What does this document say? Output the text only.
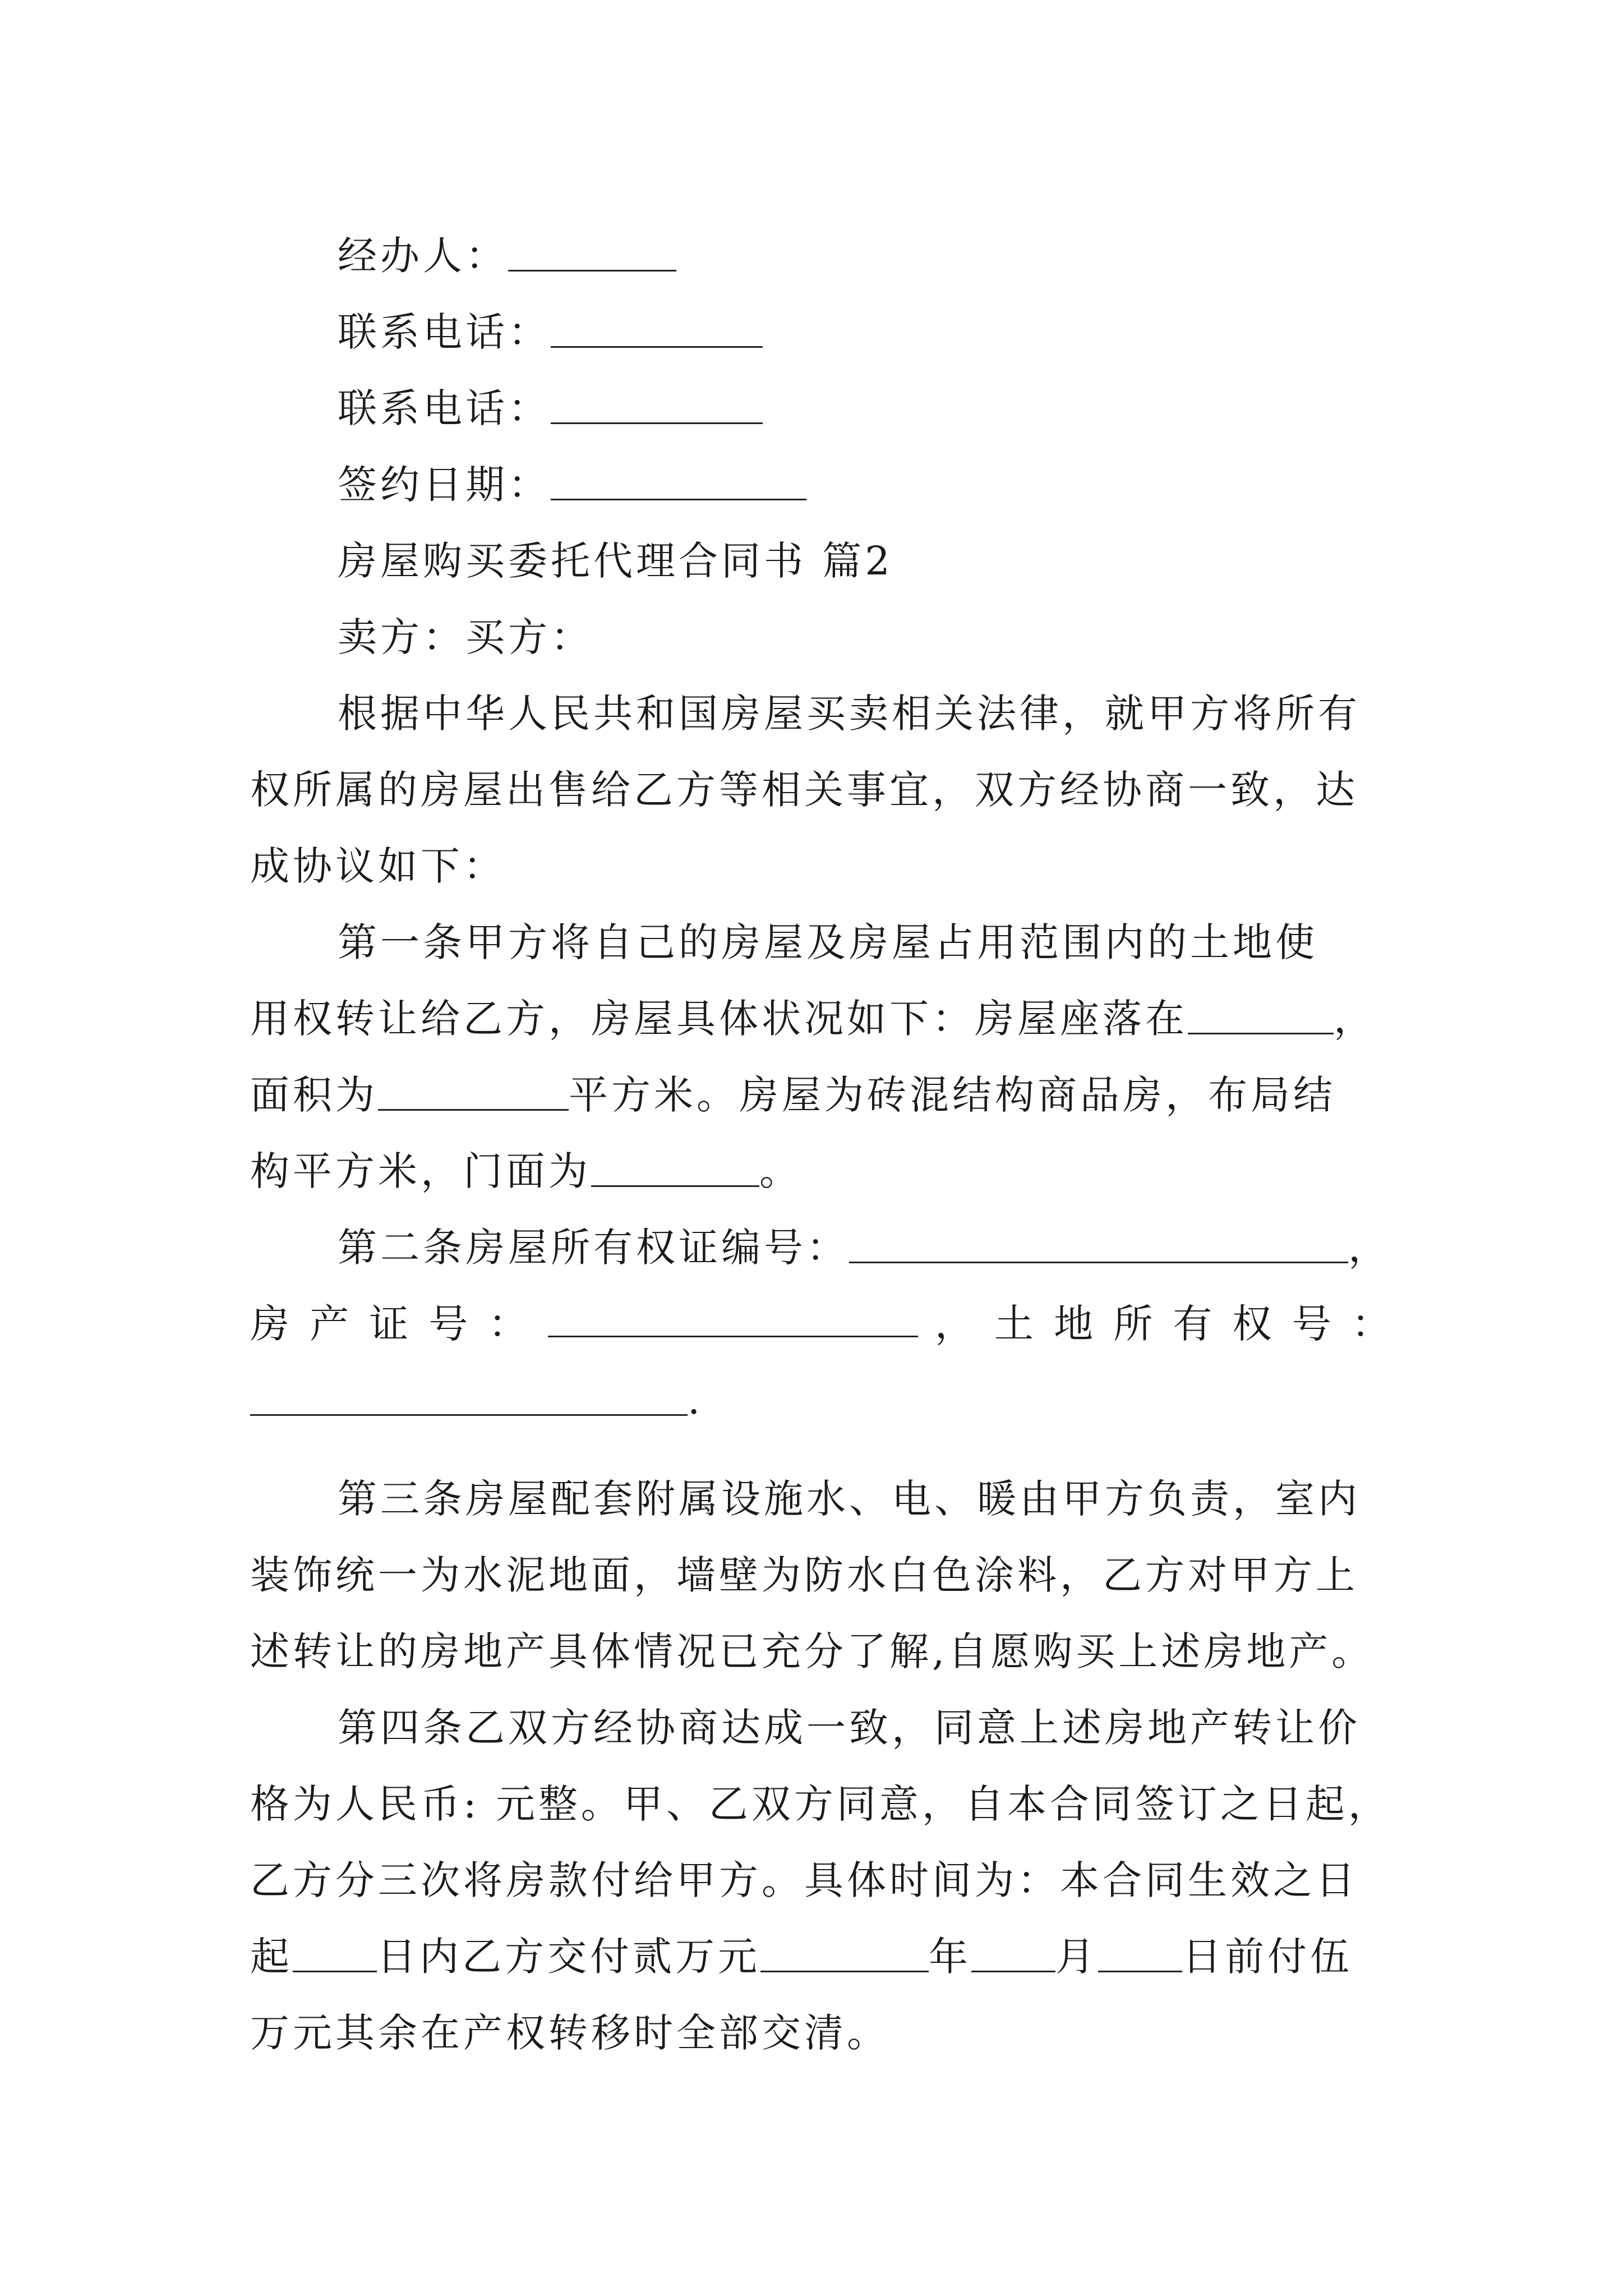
经办人：
联系电话：
联系电话：
签约日期：
房屋购买委托代理合同书 篇2
卖方：买方：
根据中华人民共和国房屋买卖相关法律，就甲方将所有
权所属的房屋出售给乙方等相关事宜，双方经协商一致，达
成协议如下：
第一条甲方将自己的房屋及房屋占用范围内的土地使
用权转让给乙方，房屋具体状况如下：房屋座落在	，
面积为	平方米。房屋为砖混结构商品房，布局结
构平方米，门面为	。
第二条房屋所有权证编号：	，
房 产 证 号 ：	， 土 地 所 有 权 号 ：
.
第三条房屋配套附属设施水、电、暖由甲方负责，室内
装饰统一为水泥地面，墙壁为防水白色涂料，乙方对甲方上
述转让的房地产具体情况已充分了解,自愿购买上述房地产。
第四条乙双方经协商达成一致，同意上述房地产转让价
格为人民币: 元整。甲、乙双方同意，自本合同签订之日起，
乙方分三次将房款付给甲方。具体时间为：本合同生效之日
起 日内乙方交付贰万元	年 月 日前付伍
万元其余在产权转移时全部交清。
